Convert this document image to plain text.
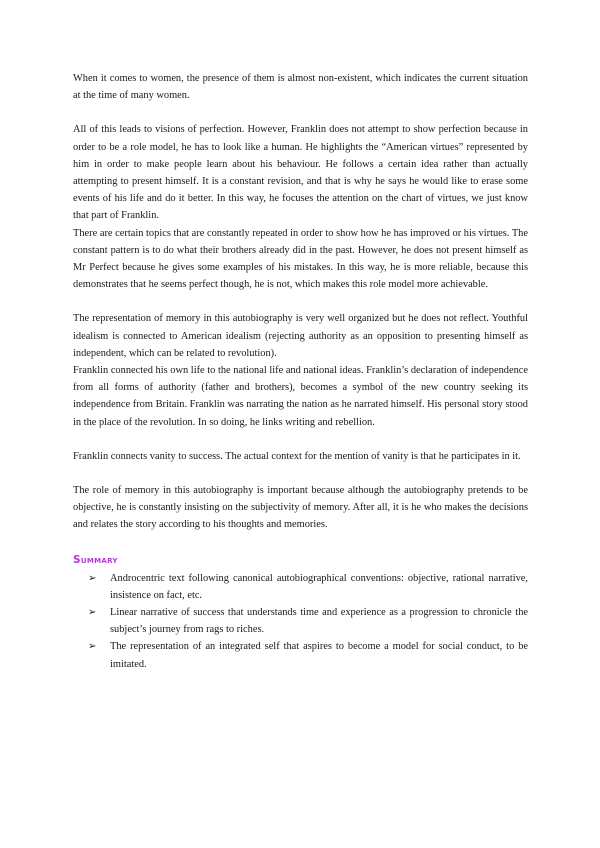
When it comes to women, the presence of them is almost non-existent, which indicates the current situation at the time of many women.

All of this leads to visions of perfection. However, Franklin does not attempt to show perfection because in order to be a role model, he has to look like a human. He highlights the “American virtues” represented by him in order to make people learn about his behaviour. He follows a certain idea rather than actually attempting to present himself. It is a constant revision, and that is why he says he would like to erase some events of his life and do it better. In this way, he focuses the attention on the chart of virtues, we just know that part of Franklin.

There are certain topics that are constantly repeated in order to show how he has improved or his virtues. The constant pattern is to do what their brothers already did in the past. However, he does not present himself as Mr Perfect because he gives some examples of his mistakes. In this way, he is more reliable, because this demonstrates that he seems perfect though, he is not, which makes this role model more achievable.

The representation of memory in this autobiography is very well organized but he does not reflect. Youthful idealism is connected to American idealism (rejecting authority as an opposition to presenting himself as independent, which can be related to revolution).

Franklin connected his own life to the national life and national ideas. Franklin’s declaration of independence from all forms of authority (father and brothers), becomes a symbol of the new country seeking its independence from Britain. Franklin was narrating the nation as he narrated himself. His personal story stood in the place of the revolution. In so doing, he links writing and rebellion.

Franklin connects vanity to success. The actual context for the mention of vanity is that he participates in it.

The role of memory in this autobiography is important because although the autobiography pretends to be objective, he is constantly insisting on the subjectivity of memory. After all, it is he who makes the decisions and relates the story according to his thoughts and memories.

Summary
➢	Androcentric text following canonical autobiographical conventions: objective, rational narrative, insistence on fact, etc.
➢	Linear narrative of success that understands time and experience as a progression to chronicle the subject’s journey from rags to riches.
➢	The representation of an integrated self that aspires to become a model for social conduct, to be imitated.
